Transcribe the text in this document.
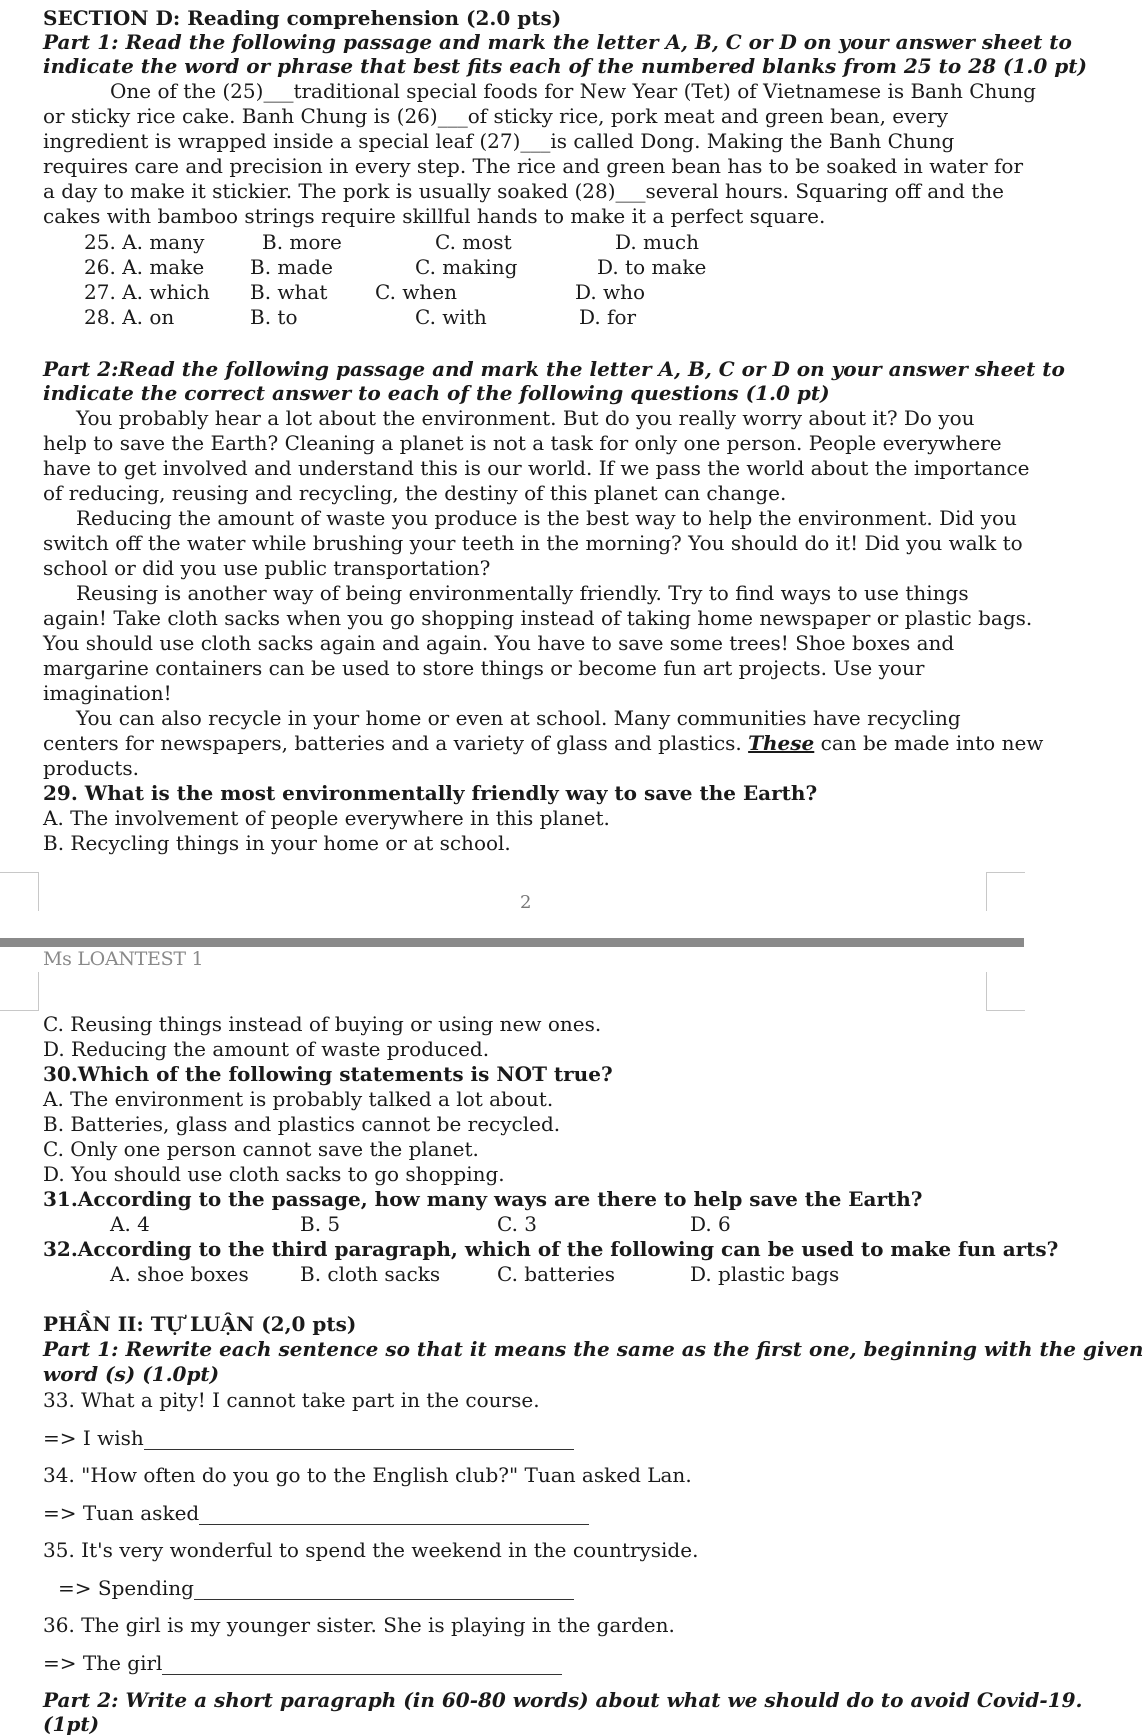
SECTION D: Reading comprehension (2.0 pts)
Part 1: Read the following passage and mark the letter A, B, C or D on your answer sheet to
indicate the word or phrase that best fits each of the numbered blanks from 25 to 28 (1.0 pt)
One of the (25)___traditional special foods for New Year (Tet) of Vietnamese is Banh Chung
or sticky rice cake. Banh Chung is (26)___of sticky rice, pork meat and green bean, every
ingredient is wrapped inside a special leaf (27)___is called Dong. Making the Banh Chung
requires care and precision in every step. The rice and green bean has to be soaked in water for
a day to make it stickier. The pork is usually soaked (28)___several hours. Squaring off and the
cakes with bamboo strings require skillful hands to make it a perfect square.
25. A. many	B. more	C. most	D. much
26. A. make B. made	C. making	D. to make
27. A. which B. what C. when	D. who
28. A. on	B. to	C. with	D. for
Part 2:Read the following passage and mark the letter A, B, C or D on your answer sheet to
indicate the correct answer to each of the following questions (1.0 pt)
You probably hear a lot about the environment. But do you really worry about it? Do you
help to save the Earth? Cleaning a planet is not a task for only one person. People everywhere
have to get involved and understand this is our world. If we pass the world about the importance
of reducing, reusing and recycling, the destiny of this planet can change.
Reducing the amount of waste you produce is the best way to help the environment. Did you
switch off the water while brushing your teeth in the morning? You should do it! Did you walk to
school or did you use public transportation?
Reusing is another way of being environmentally friendly. Try to find ways to use things
again! Take cloth sacks when you go shopping instead of taking home newspaper or plastic bags.
You should use cloth sacks again and again. You have to save some trees! Shoe boxes and
margarine containers can be used to store things or become fun art projects. Use your
imagination!
You can also recycle in your home or even at school. Many communities have recycling
centers for newspapers, batteries and a variety of glass and plastics. These can be made into new
products.
29. What is the most environmentally friendly way to save the Earth?
A. The involvement of people everywhere in this planet.
B. Recycling things in your home or at school.
2
Ms LOANTEST 1
C. Reusing things instead of buying or using new ones.
D. Reducing the amount of waste produced.
30.Which of the following statements is NOT true?
A. The environment is probably talked a lot about.
B. Batteries, glass and plastics cannot be recycled.
C. Only one person cannot save the planet.
D. You should use cloth sacks to go shopping.
31.According to the passage, how many ways are there to help save the Earth?
A. 4	B. 5	C. 3	D. 6
32.According to the third paragraph, which of the following can be used to make fun arts?
A. shoe boxes	B. cloth sacks	C. batteries	D. plastic bags
PHẦN II: TỰ LUẬN (2,0 pts)
Part 1: Rewrite each sentence so that it means the same as the first one, beginning with the given
word (s) (1.0pt)
33. What a pity! I cannot take part in the course.
=> I wish
34. "How often do you go to the English club?" Tuan asked Lan.
=> Tuan asked
35. It's very wonderful to spend the weekend in the countryside.
=> Spending
36. The girl is my younger sister. She is playing in the garden.
=> The girl
Part 2: Write a short paragraph (in 60-80 words) about what we should do to avoid Covid-19.
(1pt)
